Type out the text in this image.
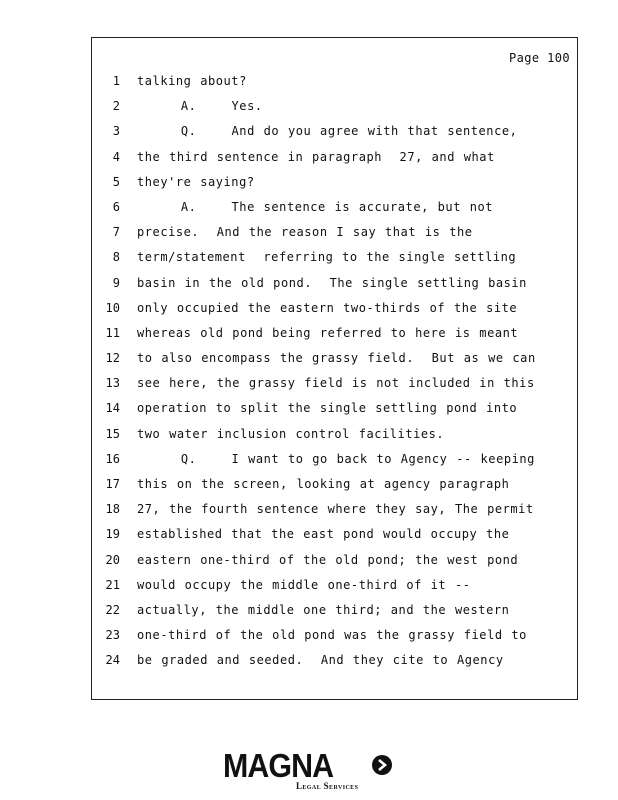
Page 100
1 talking about?
2 A.    Yes.
3 Q.    And do you agree with that sentence,
4 the third sentence in paragraph  27, and what
5 they're saying?
6 A.    The sentence is accurate, but not
7 precise.  And the reason I say that is the
8 term/statement  referring to the single settling
9 basin in the old pond.  The single settling basin
10 only occupied the eastern two-thirds of the site
11 whereas old pond being referred to here is meant
12 to also encompass the grassy field.  But as we can
13 see here, the grassy field is not included in this
14 operation to split the single settling pond into
15 two water inclusion control facilities.
16 Q.    I want to go back to Agency -- keeping
17 this on the screen, looking at agency paragraph
18 27, the fourth sentence where they say, The permit
19 established that the east pond would occupy the
20 eastern one-third of the old pond; the west pond
21 would occupy the middle one-third of it --
22 actually, the middle one third; and the western
23 one-third of the old pond was the grassy field to
24 be graded and seeded.  And they cite to Agency
MAGNA
Legal Services
